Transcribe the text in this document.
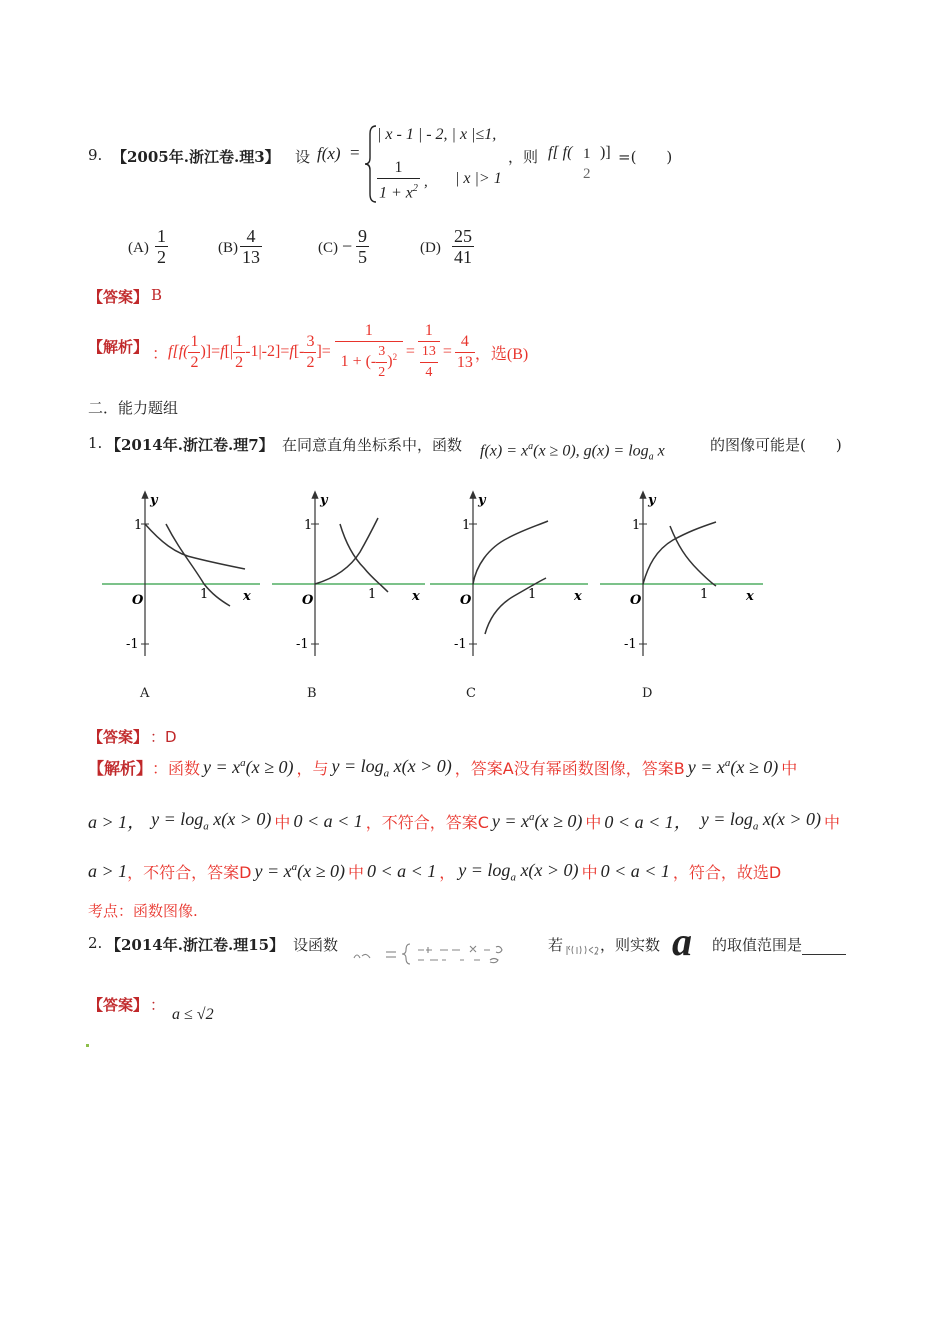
9. 【2005年.浙江卷.理3】 设 f(x) =
| x - 1 | - 2, | x |≤1,
$\frac{1}{1 + x^2}$ , | x |> 1
，则 f[ f( 1
2
)] =(　　)
$(A) \frac{1}{2}$	$(B) \frac{4}{13}$	$(C) - \frac{9}{5}$	$(D) \frac{25}{41}$
【答案】 B
【解析】 ： $f[f( \frac{1}{2}$ )]= f [| $\frac{1}{2} -1|-2]= f$ [- $\frac{3}{2}$ ]= $\frac{1}{1 + (- \frac{3}{2} )^2} = \frac{1}{\frac{13}{4}} = \frac{4}{13}$ ，选(B)
二．能力题组
1. 【2014年.浙江卷.理7】 在同意直角坐标系中，函数 $f(x) = x^a(x \ge 0)$, $g(x) = \log_a x$	的图像可能是(　　)
y
1
-1
O	1	x
A
y
1
-1
O	1	x
B
y
1
-1
O	1	x
C
y
1
-1
O	1	x
D
【答案】 ：D
【解析】 ：函数 $y = x^a(x \ge 0)$ ，与 $y = \log_a x(x > 0)$ ，答案A没有幂函数图像，答案B $y = x^a(x \ge 0)$ 中
a > 1， $y = \log_a x(x > 0)$ 中 0 < a < 1 ，不符合，答案C $y = x^a(x \ge 0)$ 中 0 < a < 1， $y = \log_a x(x > 0)$ 中
a > 1 ，不符合，答案D $y = x^a(x \ge 0)$ 中 0 < a < 1 ， $y = \log_a x(x > 0)$ 中 0 < a < 1 ，符合，故选D
考点：函数图像.
2. 【2014年.浙江卷.理15】 设函数	若 ，则实数 a 的取值范围是
【答案】 ：
a ≤ √2
